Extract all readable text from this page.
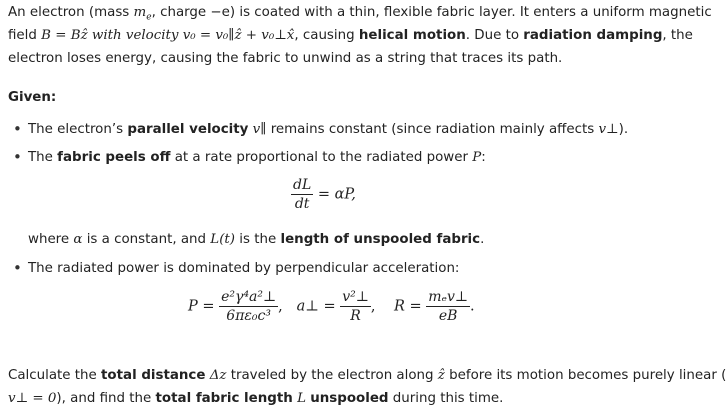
An electron (mass $m_e$, charge −e) is coated with a thin, flexible fabric layer. It enters a uniform magnetic
field B = Bẑ with velocity v₀ = v₀∥ẑ + v₀⊥x̂, causing helical motion. Due to radiation damping, the
electron loses energy, causing the fabric to unwind as a string that traces its path.
Given:
• The electron’s parallel velocity v∥ remains constant (since radiation mainly affects v⊥).
• The fabric peels off at a rate proportional to the radiated power P:
$\frac{dL}{dt} = \alpha P$,
where α is a constant, and L(t) is the length of unspooled fabric.
• The radiated power is dominated by perpendicular acceleration:
$P = \frac{\text{e²γ⁴a²⊥}}{\text{6πε₀c³}}$ , a⊥ = $\frac{\text{v²⊥}}{R}$ , $R = \frac{\text{mₑv⊥}}{eB}$ .
Calculate the total distance Δz traveled by the electron along ẑ before its motion becomes purely linear (
v⊥ = 0), and find the total fabric length L unspooled during this time.
